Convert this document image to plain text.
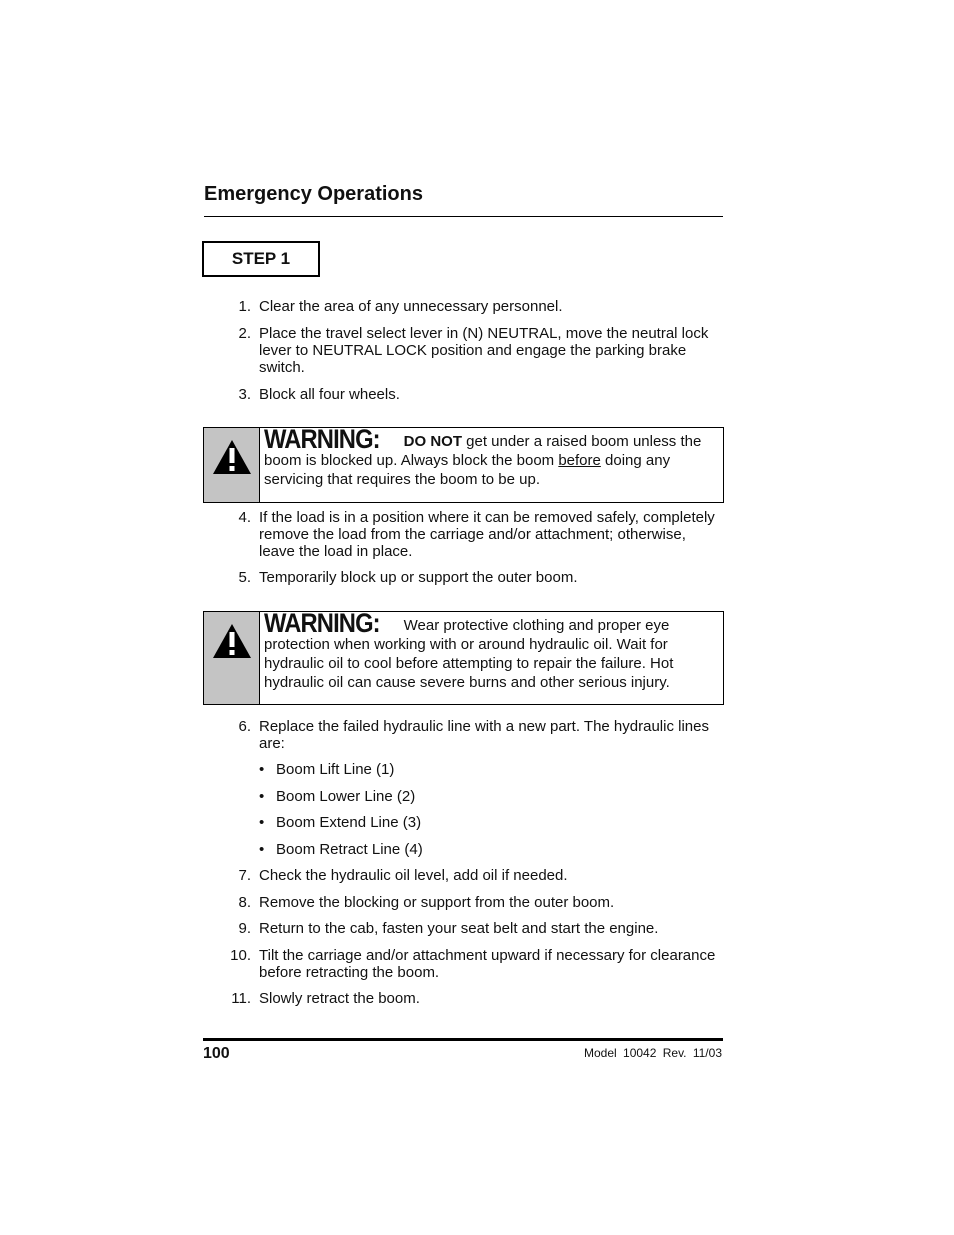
Emergency Operations
STEP 1
1. Clear the area of any unnecessary personnel.
2. Place the travel select lever in (N) NEUTRAL, move the neutral lock lever to NEUTRAL LOCK position and engage the parking brake switch.
3. Block all four wheels.
WARNING: DO NOT get under a raised boom unless the boom is blocked up. Always block the boom before doing any servicing that requires the boom to be up.
4. If the load is in a position where it can be removed safely, completely remove the load from the carriage and/or attachment; otherwise, leave the load in place.
5. Temporarily block up or support the outer boom.
WARNING: Wear protective clothing and proper eye protection when working with or around hydraulic oil. Wait for hydraulic oil to cool before attempting to repair the failure. Hot hydraulic oil can cause severe burns and other serious injury.
6. Replace the failed hydraulic line with a new part. The hydraulic lines are:
• Boom Lift Line (1)
• Boom Lower Line (2)
• Boom Extend Line (3)
• Boom Retract Line (4)
7. Check the hydraulic oil level, add oil if needed.
8. Remove the blocking or support from the outer boom.
9. Return to the cab, fasten your seat belt and start the engine.
10. Tilt the carriage and/or attachment upward if necessary for clearance before retracting the boom.
11. Slowly retract the boom.
100	Model 10042 Rev. 11/03
